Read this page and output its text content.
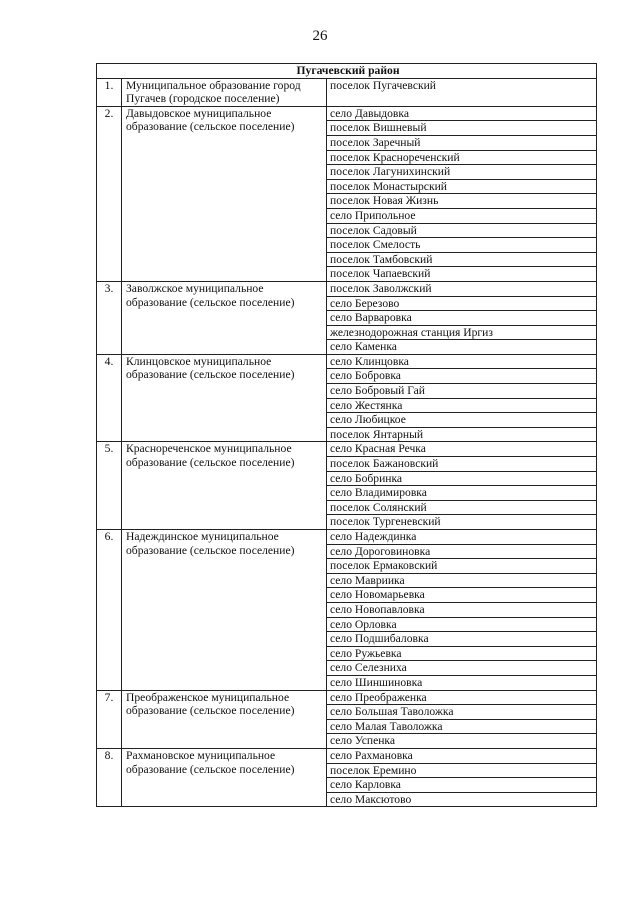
26
Пугачевский район		
1.	Муниципальное образование город Пугачев (городское поселение)	поселок Пугачевский
2.	Давыдовское муниципальное образование (сельское поселение)	село Давыдовка
		поселок Вишневый
		поселок Заречный
		поселок Краснореченский
		поселок Лагунихинский
		поселок Монастырский
		поселок Новая Жизнь
		село Припольное
		поселок Садовый
		поселок Смелость
		поселок Тамбовский
		поселок Чапаевский
3.	Заволжское муниципальное образование (сельское поселение)	поселок Заволжский
		село Березово
		село Варваровка
		железнодорожная станция Иргиз
		село Каменка
4.	Клинцовское муниципальное образование (сельское поселение)	село Клинцовка
		село Бобровка
		село Бобровый Гай
		село Жестянка
		село Любицкое
		поселок Янтарный
5.	Краснореченское муниципальное образование (сельское поселение)	село Красная Речка
		поселок Бажановский
		село Бобринка
		село Владимировка
		поселок Солянский
		поселок Тургеневский
6.	Надеждинское муниципальное образование (сельское поселение)	село Надеждинка
		село Дороговиновка
		поселок Ермаковский
		село Мавриика
		село Новомарьевка
		село Новопавловка
		село Орловка
		село Подшибаловка
		село Ружьевка
		село Селезниха
		село Шиншиновка
7.	Преображенское муниципальное образование (сельское поселение)	село Преображенка
		село Большая Таволожка
		село Малая Таволожка
		село Успенка
8.	Рахмановское муниципальное образование (сельское поселение)	село Рахмановка
		поселок Еремино
		село Карловка
		село Максютово
